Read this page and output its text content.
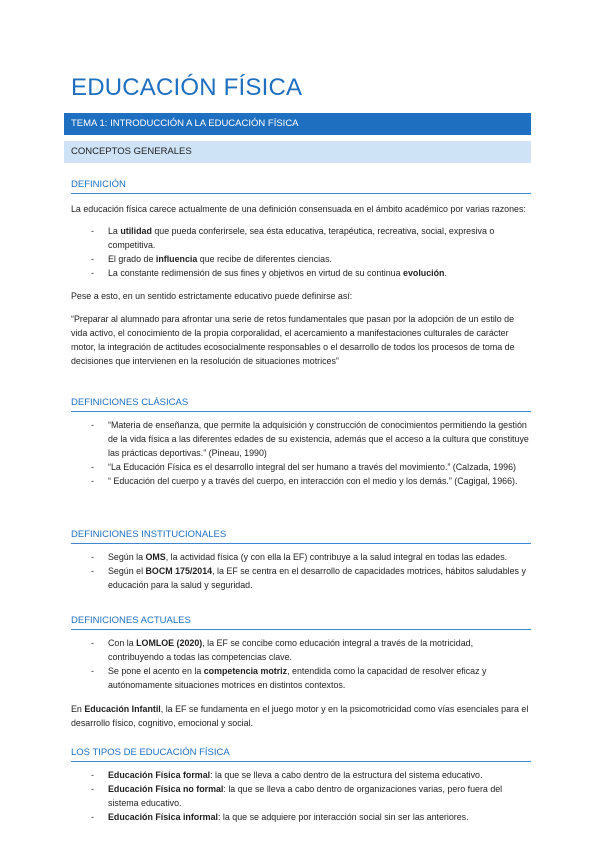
EDUCACIÓN FÍSICA
TEMA 1: INTRODUCCIÓN A LA EDUCACIÓN FÍSICA
CONCEPTOS GENERALES
DEFINICIÓN

La educación física carece actualmente de una definición consensuada en el ámbito académico por varias razones:

- La utilidad que pueda conferirsele, sea ésta educativa, terapéutica, recreativa, social, expresiva o competitiva.
- El grado de influencia que recibe de diferentes ciencias.
- La constante redimensión de sus fines y objetivos en virtud de su continua evolución.

Pese a esto, en un sentido estrictamente educativo puede definirse así:

“Preparar al alumnado para afrontar una serie de retos fundamentales que pasan por la adopción de un estilo de vida activo, el conocimiento de la propia corporalidad, el acercamiento a manifestaciones culturales de carácter motor, la integración de actitudes ecosocialmente responsables o el desarrollo de todos los procesos de toma de decisiones que intervienen en la resolución de situaciones motrices”

DEFINICIONES CLÁSICAS
- “Materia de enseñanza, que permite la adquisición y construcción de conocimientos permitiendo la gestión de la vida física a las diferentes edades de su existencia, además que el acceso a la cultura que constituye las prácticas deportivas.” (Pineau, 1990)
- “La Educación Física es el desarrollo integral del ser humano a través del movimiento.” (Calzada, 1996)
- “ Educación del cuerpo y a través del cuerpo, en interacción con el medio y los demás.” (Cagigal, 1966).
DEFINICIONES INSTITUCIONALES
- Según la OMS, la actividad física (y con ella la EF) contribuye a la salud integral en todas las edades.
- Según el BOCM 175/2014, la EF se centra en el desarrollo de capacidades motrices, hábitos saludables y educación para la salud y seguridad.
DEFINICIONES ACTUALES
- Con la LOMLOE (2020), la EF se concibe como educación integral a través de la motricidad, contribuyendo a todas las competencias clave.
- Se pone el acento en la competencia motriz, entendida como la capacidad de resolver eficaz y autónomamente situaciones motrices en distintos contextos.

En Educación Infantil, la EF se fundamenta en el juego motor y en la psicomotricidad como vías esenciales para el desarrollo físico, cognitivo, emocional y social.

LOS TIPOS DE EDUCACIÓN FÍSICA
- Educación Física formal: la que se lleva a cabo dentro de la estructura del sistema educativo.
- Educación Física no formal: la que se lleva a cabo dentro de organizaciones varias, pero fuera del sistema educativo.
- Educación Física informal: la que se adquiere por interacción social sin ser las anteriores.
